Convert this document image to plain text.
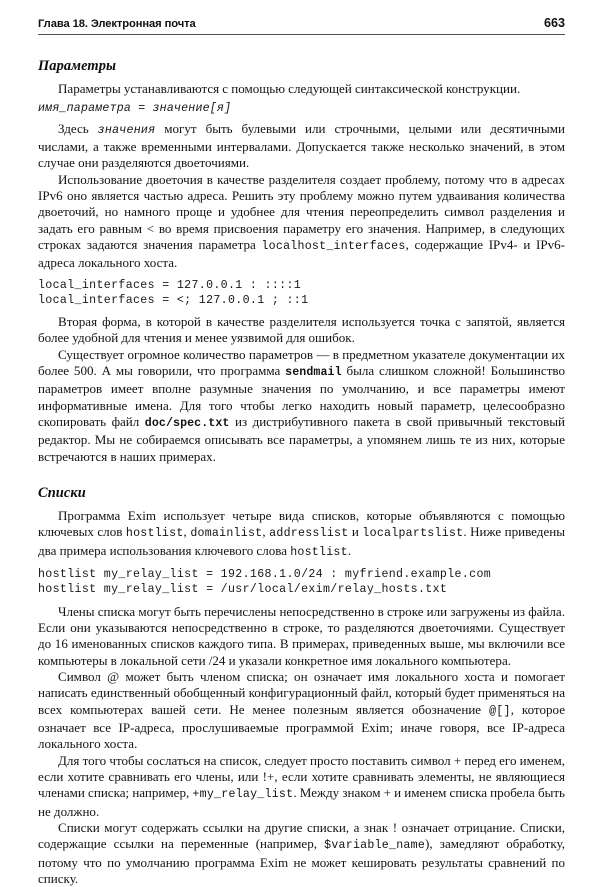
Глава 18. Электронная почта	663
Параметры

Параметры устанавливаются с помощью следующей синтаксической конструкции.

имя_параметра = значение[я]

Здесь значения могут быть булевыми или строчными, целыми или десятичными числами, а также временными интервалами. Допускается также несколько значений, в этом случае они разделяются двоеточиями.

Использование двоеточия в качестве разделителя создает проблему, потому что в адресах IPv6 оно является частью адреса. Решить эту проблему можно путем удваивания количества двоеточий, но намного проще и удобнее для чтения переопределить символ разделения и задать его равным < во время присвоения параметру его значения. Например, в следующих строках задаются значения параметра localhost_interfaces, содержащие IPv4- и IPv6-адреса локального хоста.

local_interfaces = 127.0.0.1 : ::::1
local_interfaces = <; 127.0.0.1 ; ::1

Вторая форма, в которой в качестве разделителя используется точка с запятой, является более удобной для чтения и менее уязвимой для ошибок.

Существует огромное количество параметров — в предметном указателе документации их более 500. А мы говорили, что программа sendmail была слишком сложной! Большинство параметров имеет вполне разумные значения по умолчанию, и все параметры имеют информативные имена. Для того чтобы легко находить новый параметр, целесообразно скопировать файл doc/spec.txt из дистрибутивного пакета в свой привычный текстовый редактор. Мы не собираемся описывать все параметры, а упомянем лишь те из них, которые встречаются в наших примерах.

Списки

Программа Exim использует четыре вида списков, которые объявляются с помощью ключевых слов hostlist, domainlist, addresslist и localpartslist. Ниже приведены два примера использования ключевого слова hostlist.

hostlist my_relay_list = 192.168.1.0/24 : myfriend.example.com
hostlist my_relay_list = /usr/local/exim/relay_hosts.txt

Члены списка могут быть перечислены непосредственно в строке или загружены из файла. Если они указываются непосредственно в строке, то разделяются двоеточиями. Существует до 16 именованных списков каждого типа. В примерах, приведенных выше, мы включили все компьютеры в локальной сети /24 и указали конкретное имя локального компьютера.

Символ @ может быть членом списка; он означает имя локального хоста и помогает написать единственный обобщенный конфигурационный файл, который будет применяться на всех компьютерах вашей сети. Не менее полезным является обозначение @[], которое означает все IP-адреса, прослушиваемые программой Exim; иначе говоря, все IP-адреса локального хоста.

Для того чтобы сослаться на список, следует просто поставить символ + перед его именем, если хотите сравнивать его члены, или !+, если хотите сравнивать элементы, не являющиеся членами списка; например, +my_relay_list. Между знаком + и именем списка пробела быть не должно.

Списки могут содержать ссылки на другие списки, а знак ! означает отрицание. Списки, содержащие ссылки на переменные (например, $variable_name), замедляют обработку, потому что по умолчанию программа Exim не может кешировать результаты сравнений по списку.
